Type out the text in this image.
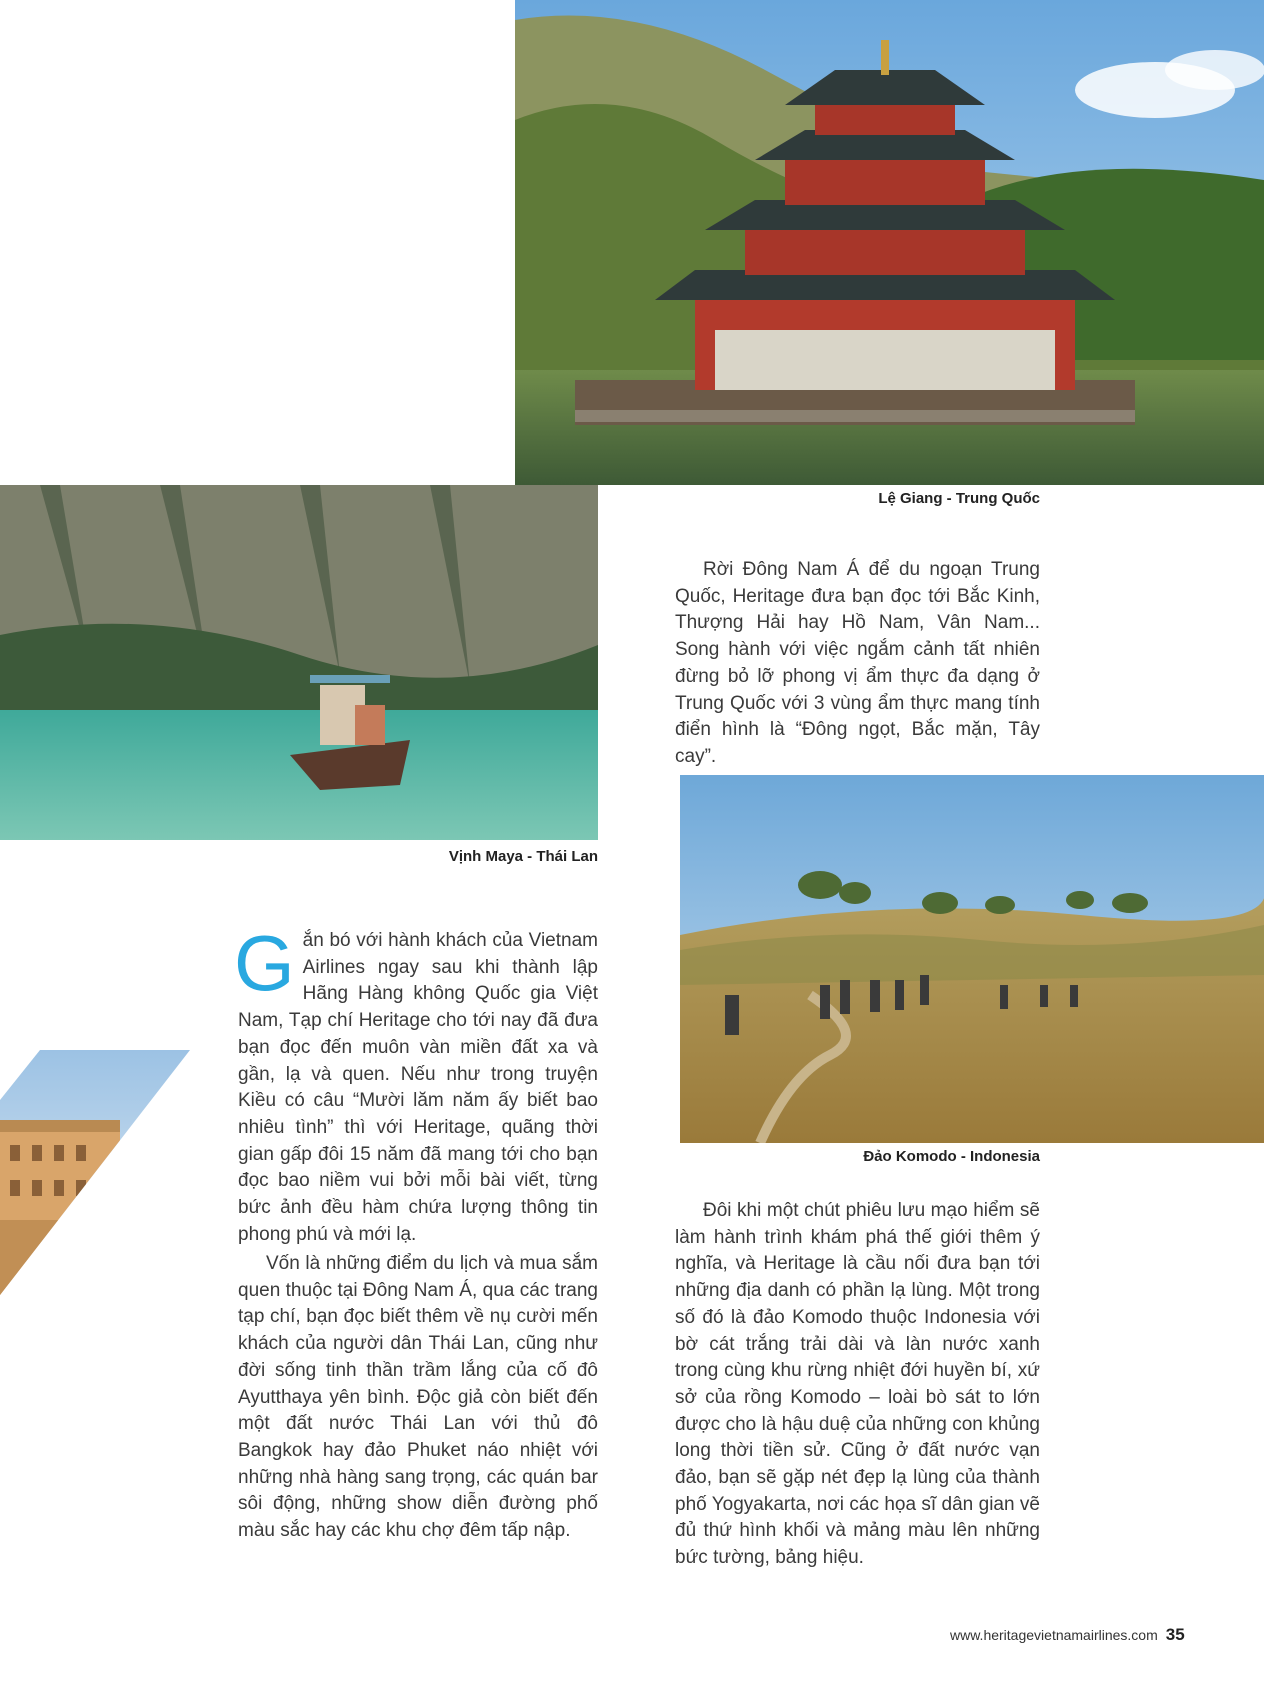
Lệ Giang - Trung Quốc
Vịnh Maya - Thái Lan
Đảo Komodo - Indonesia

Rời Đông Nam Á để du ngoạn Trung Quốc, Heritage đưa bạn đọc tới Bắc Kinh, Thượng Hải hay Hồ Nam, Vân Nam... Song hành với việc ngắm cảnh tất nhiên đừng bỏ lỡ phong vị ẩm thực đa dạng ở Trung Quốc với 3 vùng ẩm thực mang tính điển hình là “Đông ngọt, Bắc mặn, Tây cay”.

Gắn bó với hành khách của Vietnam Airlines ngay sau khi thành lập Hãng Hàng không Quốc gia Việt Nam, Tạp chí Heritage cho tới nay đã đưa bạn đọc đến muôn vàn miền đất xa và gần, lạ và quen. Nếu như trong truyện Kiều có câu “Mười lăm năm ấy biết bao nhiêu tình” thì với Heritage, quãng thời gian gấp đôi 15 năm đã mang tới cho bạn đọc bao niềm vui bởi mỗi bài viết, từng bức ảnh đều hàm chứa lượng thông tin phong phú và mới lạ.

Vốn là những điểm du lịch và mua sắm quen thuộc tại Đông Nam Á, qua các trang tạp chí, bạn đọc biết thêm về nụ cười mến khách của người dân Thái Lan, cũng như đời sống tinh thần trầm lắng của cố đô Ayutthaya yên bình. Độc giả còn biết đến một đất nước Thái Lan với thủ đô Bangkok hay đảo Phuket náo nhiệt với những nhà hàng sang trọng, các quán bar sôi động, những show diễn đường phố màu sắc hay các khu chợ đêm tấp nập.

Đôi khi một chút phiêu lưu mạo hiểm sẽ làm hành trình khám phá thế giới thêm ý nghĩa, và Heritage là cầu nối đưa bạn tới những địa danh có phần lạ lùng. Một trong số đó là đảo Komodo thuộc Indonesia với bờ cát trắng trải dài và làn nước xanh trong cùng khu rừng nhiệt đới huyền bí, xứ sở của rồng Komodo – loài bò sát to lớn được cho là hậu duệ của những con khủng long thời tiền sử. Cũng ở đất nước vạn đảo, bạn sẽ gặp nét đẹp lạ lùng của thành phố Yogyakarta, nơi các họa sĩ dân gian vẽ đủ thứ hình khối và mảng màu lên những bức tường, bảng hiệu.

www.heritagevietnamairlines.com 35
